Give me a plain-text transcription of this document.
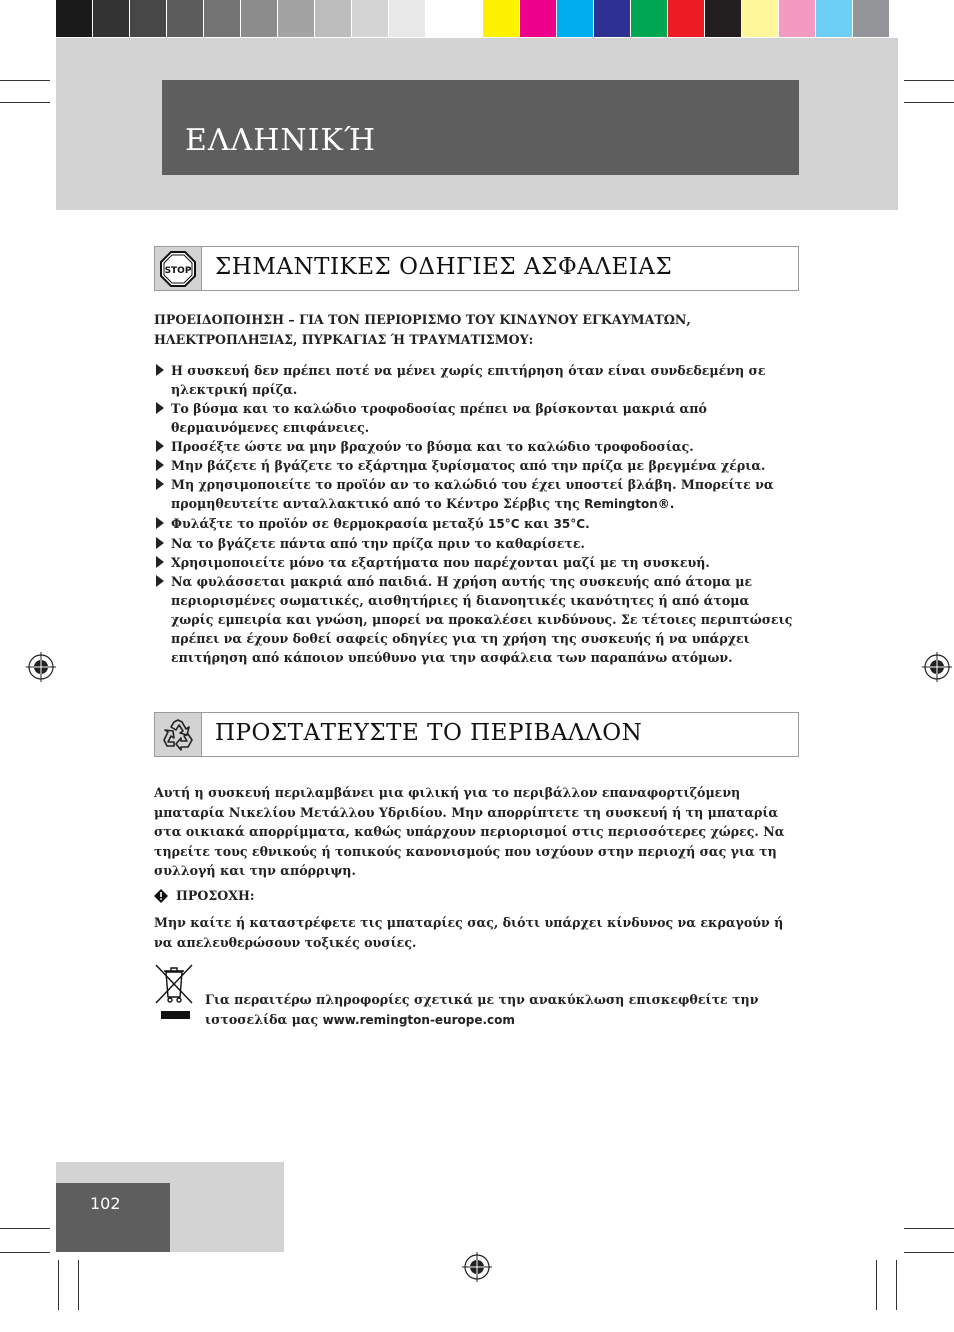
ΕΛΛΗΝΙΚΉ
STOP ΣΗΜΑΝΤΙΚΕΣ ΟΔΗΓΙΕΣ ΑΣΦΑΛΕΙΑΣ
ΠΡΟΕΙΔΟΠΟΙΗΣΗ – ΓΙΑ ΤΟΝ ΠΕΡΙΟΡΙΣΜΟ ΤΟΥ ΚΙΝΔΥΝΟΥ ΕΓΚΑΥΜΑΤΩΝ, ΗΛΕΚΤΡΟΠΛΗΞΙΑΣ, ΠΥΡΚΑΓΙΑΣ Ή ΤΡΑΥΜΑΤΙΣΜΟΥ:
Η συσκευή δεν πρέπει ποτέ να μένει χωρίς επιτήρηση όταν είναι συνδεδεμένη σε ηλεκτρική πρίζα.
Το βύσμα και το καλώδιο τροφοδοσίας πρέπει να βρίσκονται μακριά από θερμαινόμενες επιφάνειες.
Προσέξτε ώστε να μην βραχούν το βύσμα και το καλώδιο τροφοδοσίας.
Μην βάζετε ή βγάζετε το εξάρτημα ξυρίσματος από την πρίζα με βρεγμένα χέρια.
Μη χρησιμοποιείτε το προϊόν αν το καλώδιό του έχει υποστεί βλάβη. Μπορείτε να προμηθευτείτε ανταλλακτικό από το Κέντρο Σέρβις της Remington®.
Φυλάξτε το προϊόν σε θερμοκρασία μεταξύ 15°C και 35°C.
Να το βγάζετε πάντα από την πρίζα πριν το καθαρίσετε.
Χρησιμοποιείτε μόνο τα εξαρτήματα που παρέχονται μαζί με τη συσκευή.
Να φυλάσσεται μακριά από παιδιά. Η χρήση αυτής της συσκευής από άτομα με περιορισμένες σωματικές, αισθητήριες ή διανοητικές ικανότητες ή από άτομα χωρίς εμπειρία και γνώση, μπορεί να προκαλέσει κινδύνους. Σε τέτοιες περιπτώσεις πρέπει να έχουν δοθεί σαφείς οδηγίες για τη χρήση της συσκευής ή να υπάρχει επιτήρηση από κάποιον υπεύθυνο για την ασφάλεια των παραπάνω ατόμων.
ΠΡΟΣΤΑΤΕΥΣΤΕ ΤΟ ΠΕΡΙΒΑΛΛΟΝ
Αυτή η συσκευή περιλαμβάνει μια φιλική για το περιβάλλον επαναφορτιζόμενη μπαταρία Νικελίου Μετάλλου Υδριδίου. Μην απορρίπτετε τη συσκευή ή τη μπαταρία στα οικιακά απορρίμματα, καθώς υπάρχουν περιορισμοί στις περισσότερες χώρες. Να τηρείτε τους εθνικούς ή τοπικούς κανονισμούς που ισχύουν στην περιοχή σας για τη συλλογή και την απόρριψη.
ΠΡΟΣΟΧΗ:
Μην καίτε ή καταστρέφετε τις μπαταρίες σας, διότι υπάρχει κίνδυνος να εκραγούν ή να απελευθερώσουν τοξικές ουσίες.
Για περαιτέρω πληροφορίες σχετικά με την ανακύκλωση επισκεφθείτε την ιστοσελίδα μας www.remington-europe.com
102
